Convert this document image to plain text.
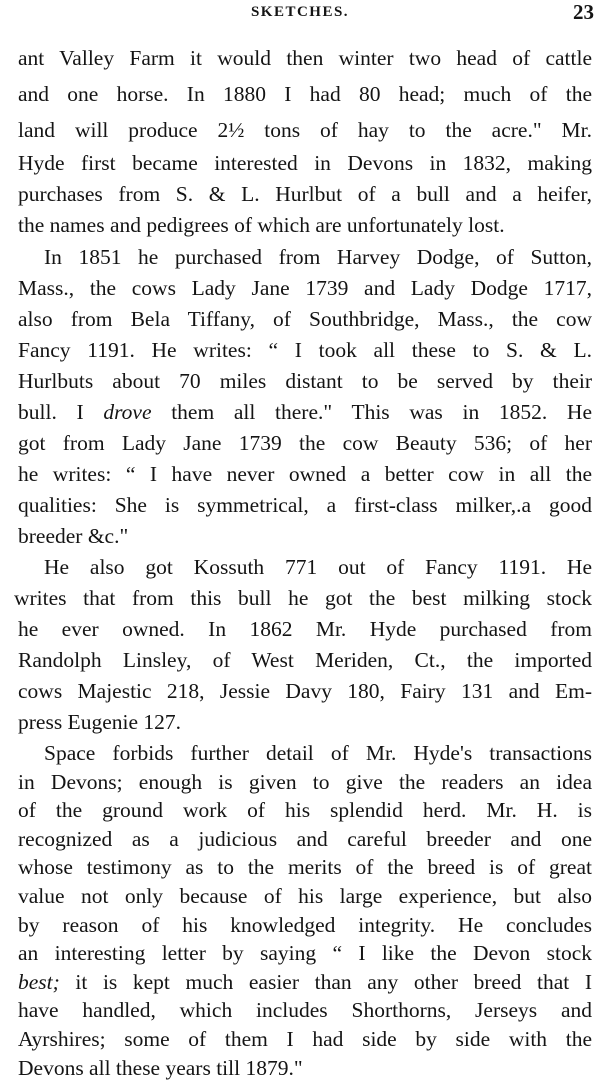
SKETCHES.	23
ant Valley Farm it would then winter two head of cattle
and one horse. In 1880 I had 80 head; much of the
land will produce 2½ tons of hay to the acre." Mr.
Hyde first became interested in Devons in 1832, making
purchases from S. & L. Hurlbut of a bull and a heifer,
the names and pedigrees of which are unfortunately lost.
In 1851 he purchased from Harvey Dodge, of Sutton,
Mass., the cows Lady Jane 1739 and Lady Dodge 1717,
also from Bela Tiffany, of Southbridge, Mass., the cow
Fancy 1191. He writes: “ I took all these to S. & L.
Hurlbuts about 70 miles distant to be served by their
bull. I drove them all there." This was in 1852. He
got from Lady Jane 1739 the cow Beauty 536; of her
he writes: “ I have never owned a better cow in all the
qualities: She is symmetrical, a first-class milker,.a good
breeder &c."
He also got Kossuth 771 out of Fancy 1191. He
writes that from this bull he got the best milking stock
he ever owned. In 1862 Mr. Hyde purchased from
Randolph Linsley, of West Meriden, Ct., the imported
cows Majestic 218, Jessie Davy 180, Fairy 131 and Em-
press Eugenie 127.
Space forbids further detail of Mr. Hyde's transactions
in Devons; enough is given to give the readers an idea
of the ground work of his splendid herd. Mr. H. is
recognized as a judicious and careful breeder and one
whose testimony as to the merits of the breed is of great
value not only because of his large experience, but also
by reason of his knowledged integrity. He concludes
an interesting letter by saying “ I like the Devon stock
best; it is kept much easier than any other breed that I
have handled, which includes Shorthorns, Jerseys and
Ayrshires; some of them I had side by side with the
Devons all these years till 1879."
